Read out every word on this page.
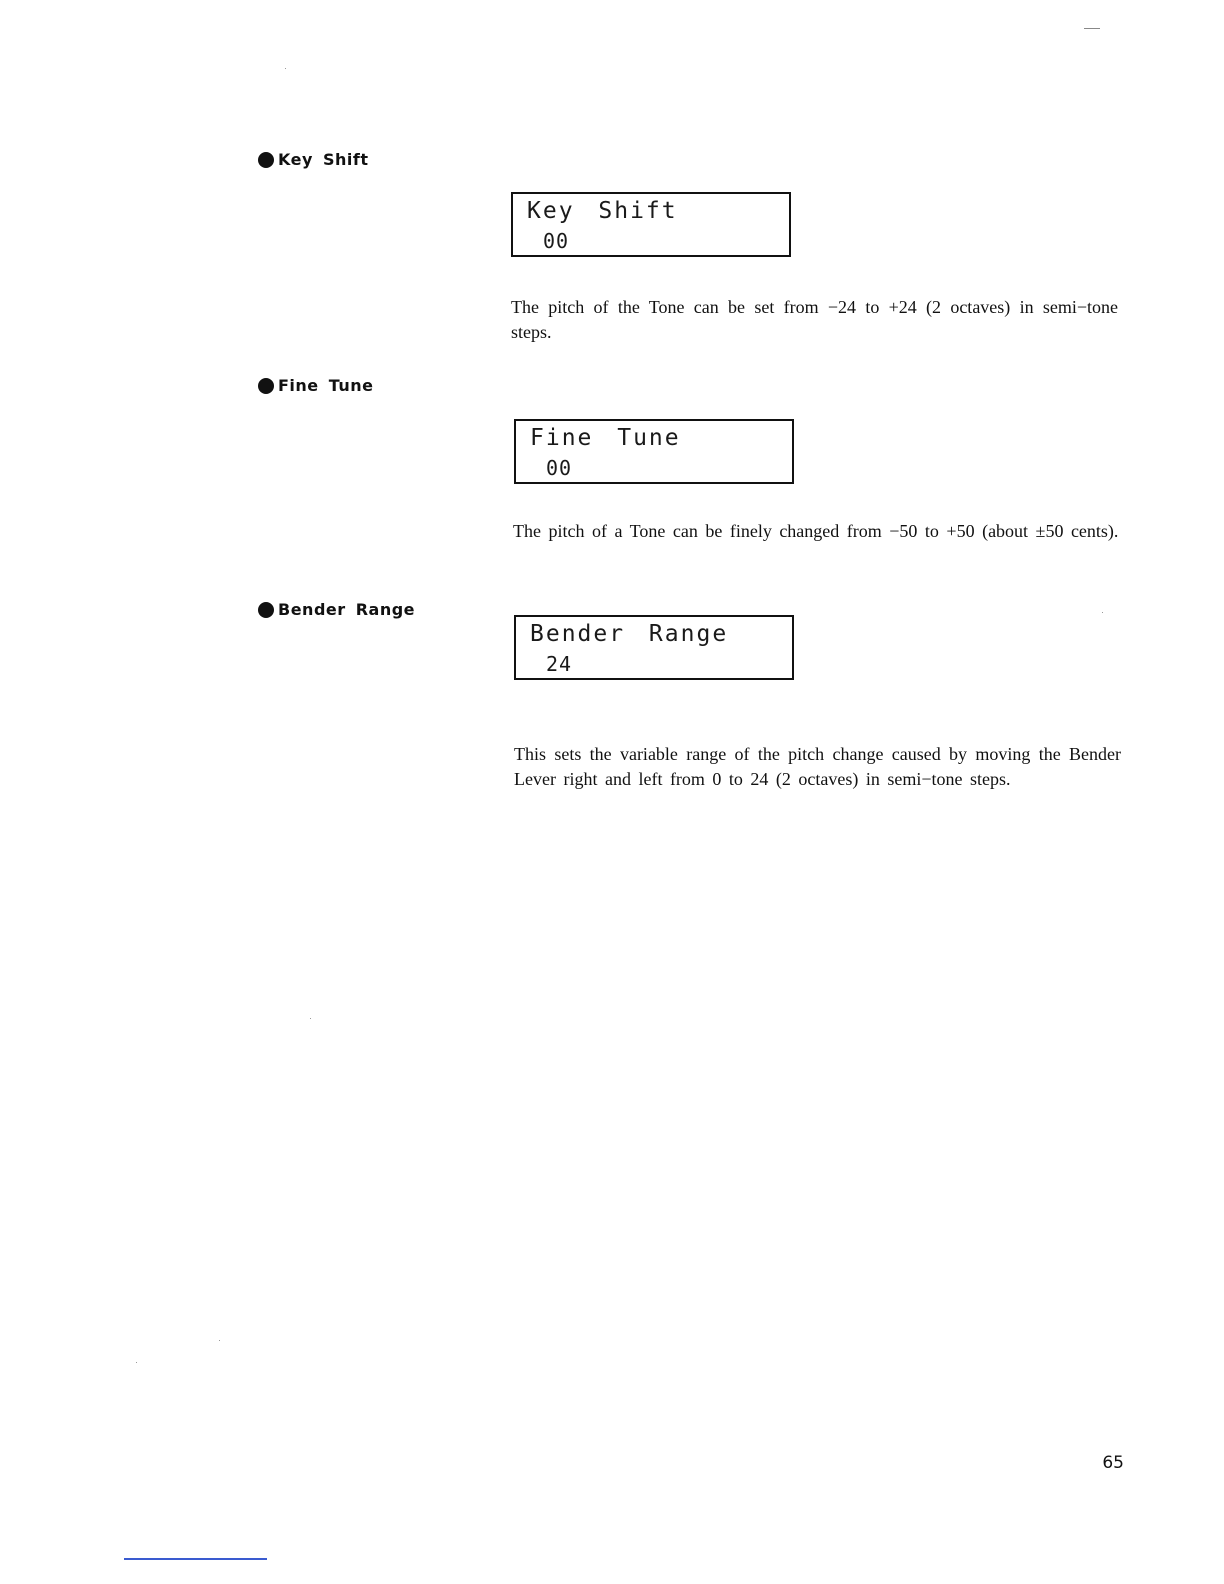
Key Shift
Key Shift
00

The pitch of the Tone can be set from −24 to +24 (2 octaves) in semi−tone steps.

Fine Tune
Fine Tune
00

The pitch of a Tone can be finely changed from −50 to +50 (about ±50 cents).

Bender Range
Bender Range
24

This sets the variable range of the pitch change caused by moving the Bender Lever right and left from 0 to 24 (2 octaves) in semi−tone steps.

65
